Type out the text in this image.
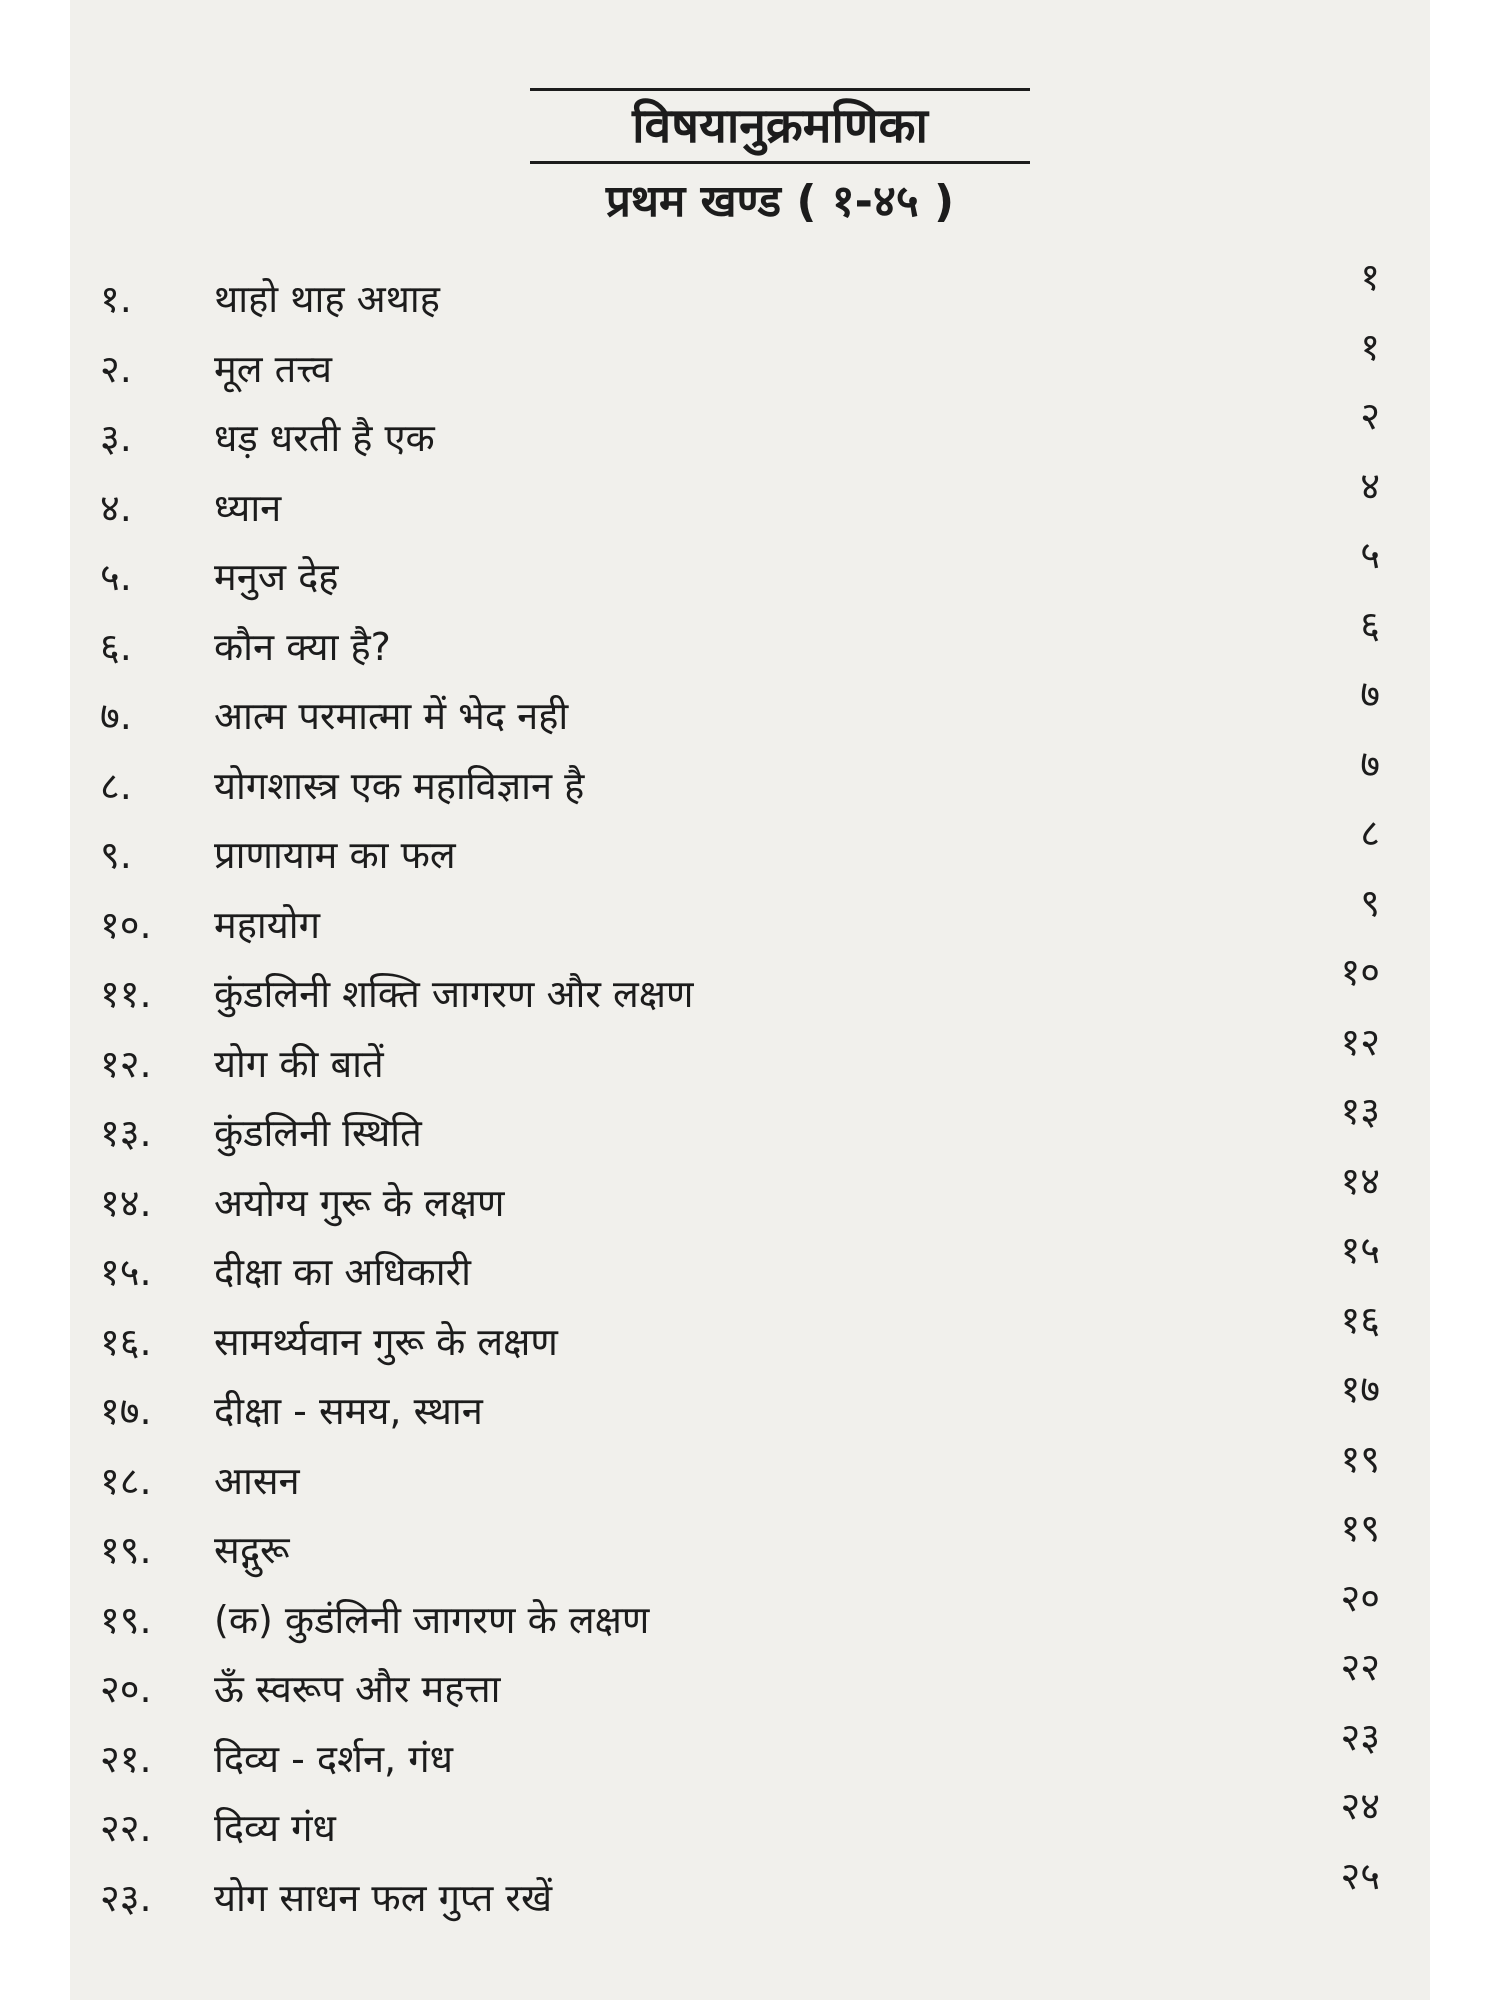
विषयानुक्रमणिका
प्रथम खण्ड ( १-४५ )
१. थाहो थाह अथाह	१
२. मूल तत्त्व	१
३. धड़ धरती है एक	२
४. ध्यान	४
५. मनुज देह	५
६. कौन क्या है?	६
७. आत्म परमात्मा में भेद नही	७
८. योगशास्त्र एक महाविज्ञान है	७
९. प्राणायाम का फल	८
१०. महायोग	९
११. कुंडलिनी शक्ति जागरण और लक्षण	१०
१२. योग की बातें	१२
१३. कुंडलिनी स्थिति	१३
१४. अयोग्य गुरू के लक्षण	१४
१५. दीक्षा का अधिकारी	१५
१६. सामर्थ्यवान गुरू के लक्षण	१६
१७. दीक्षा - समय, स्थान	१७
१८. आसन	१९
१९. सद्गुरू	१९
१९. (क) कुडंलिनी जागरण के लक्षण	२०
२०. ऊँ स्वरूप और महत्ता	२२
२१. दिव्य - दर्शन, गंध	२३
२२. दिव्य गंध	२४
२३. योग साधन फल गुप्त रखें	२५
